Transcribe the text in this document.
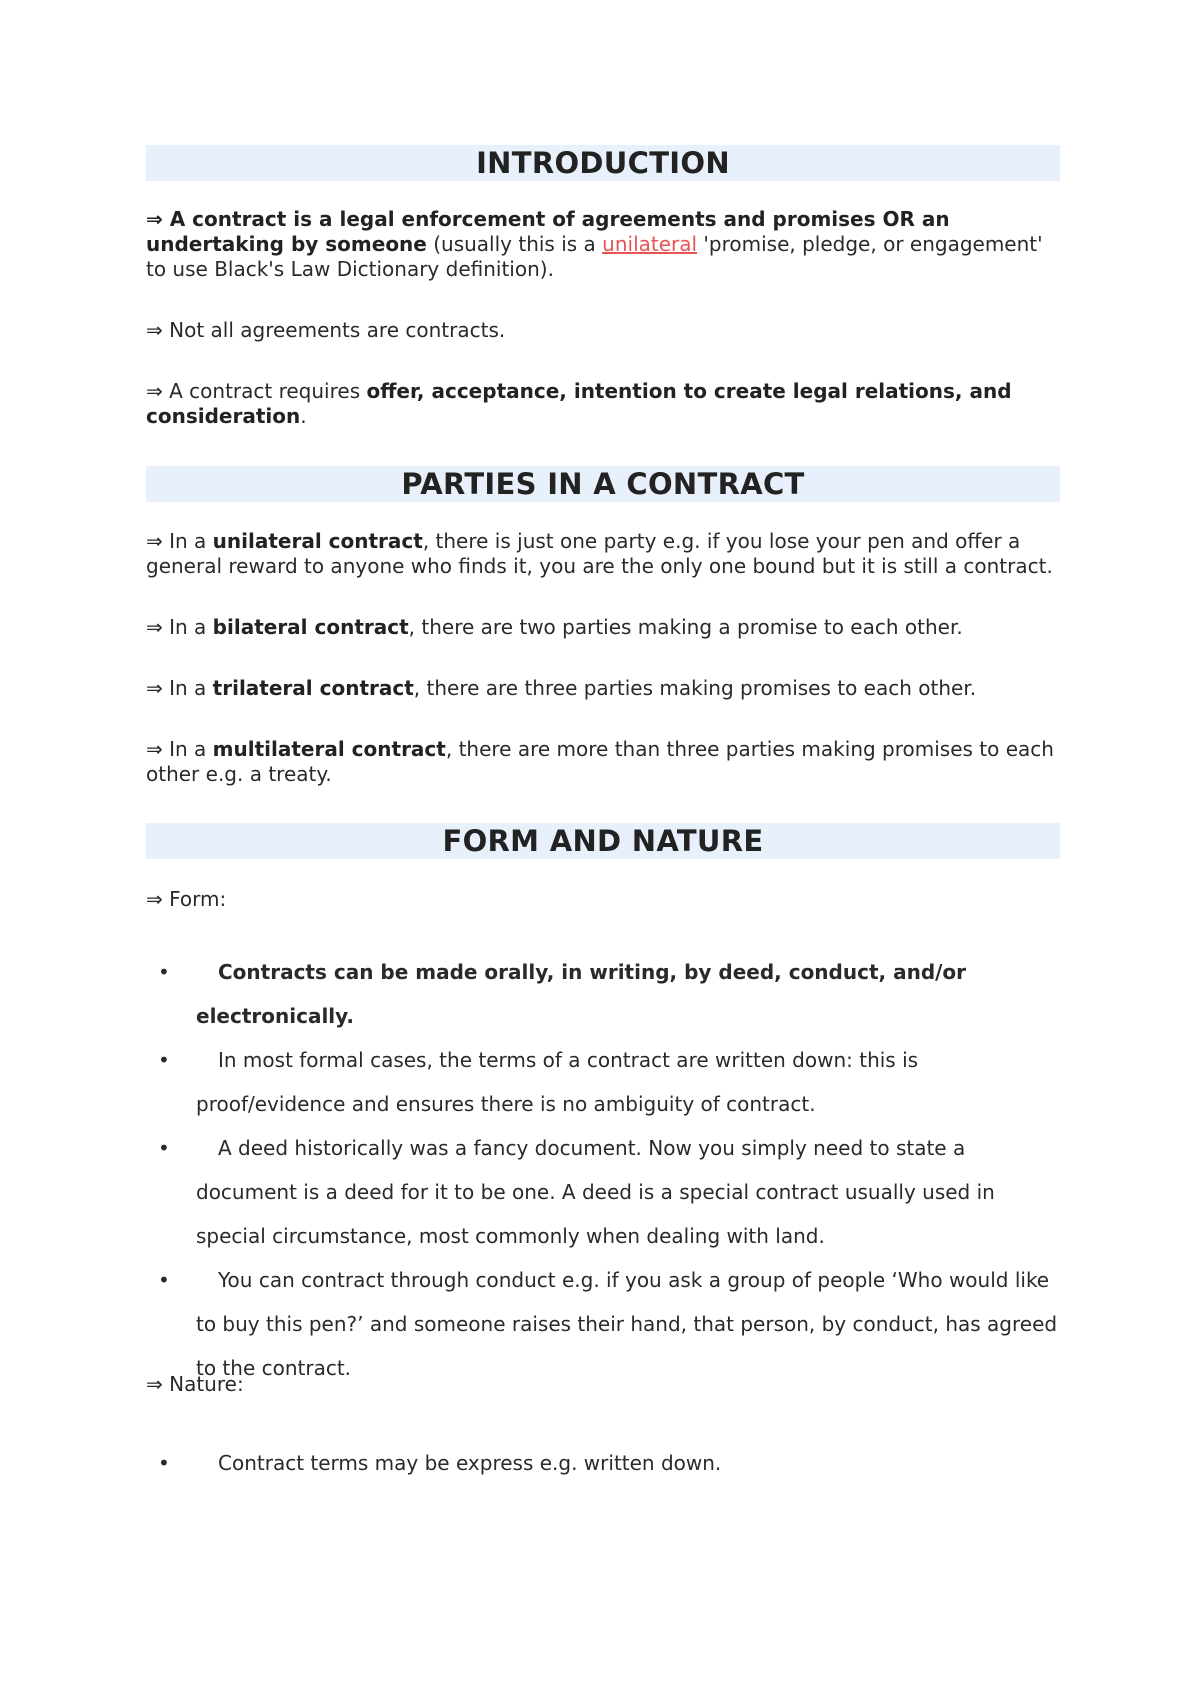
INTRODUCTION

⇒ A contract is a legal enforcement of agreements and promises OR an undertaking by someone (usually this is a unilateral 'promise, pledge, or engagement' to use Black's Law Dictionary definition).

⇒ Not all agreements are contracts.

⇒ A contract requires offer, acceptance, intention to create legal relations, and consideration.

PARTIES IN A CONTRACT

⇒ In a unilateral contract, there is just one party e.g. if you lose your pen and offer a general reward to anyone who finds it, you are the only one bound but it is still a contract.

⇒ In a bilateral contract, there are two parties making a promise to each other.

⇒ In a trilateral contract, there are three parties making promises to each other.

⇒ In a multilateral contract, there are more than three parties making promises to each other e.g. a treaty.

FORM AND NATURE

⇒ Form:

• Contracts can be made orally, in writing, by deed, conduct, and/or electronically.
• In most formal cases, the terms of a contract are written down: this is proof/evidence and ensures there is no ambiguity of contract.
• A deed historically was a fancy document. Now you simply need to state a document is a deed for it to be one. A deed is a special contract usually used in special circumstance, most commonly when dealing with land.
• You can contract through conduct e.g. if you ask a group of people ‘Who would like to buy this pen?’ and someone raises their hand, that person, by conduct, has agreed to the contract.

⇒ Nature:

• Contract terms may be express e.g. written down.
